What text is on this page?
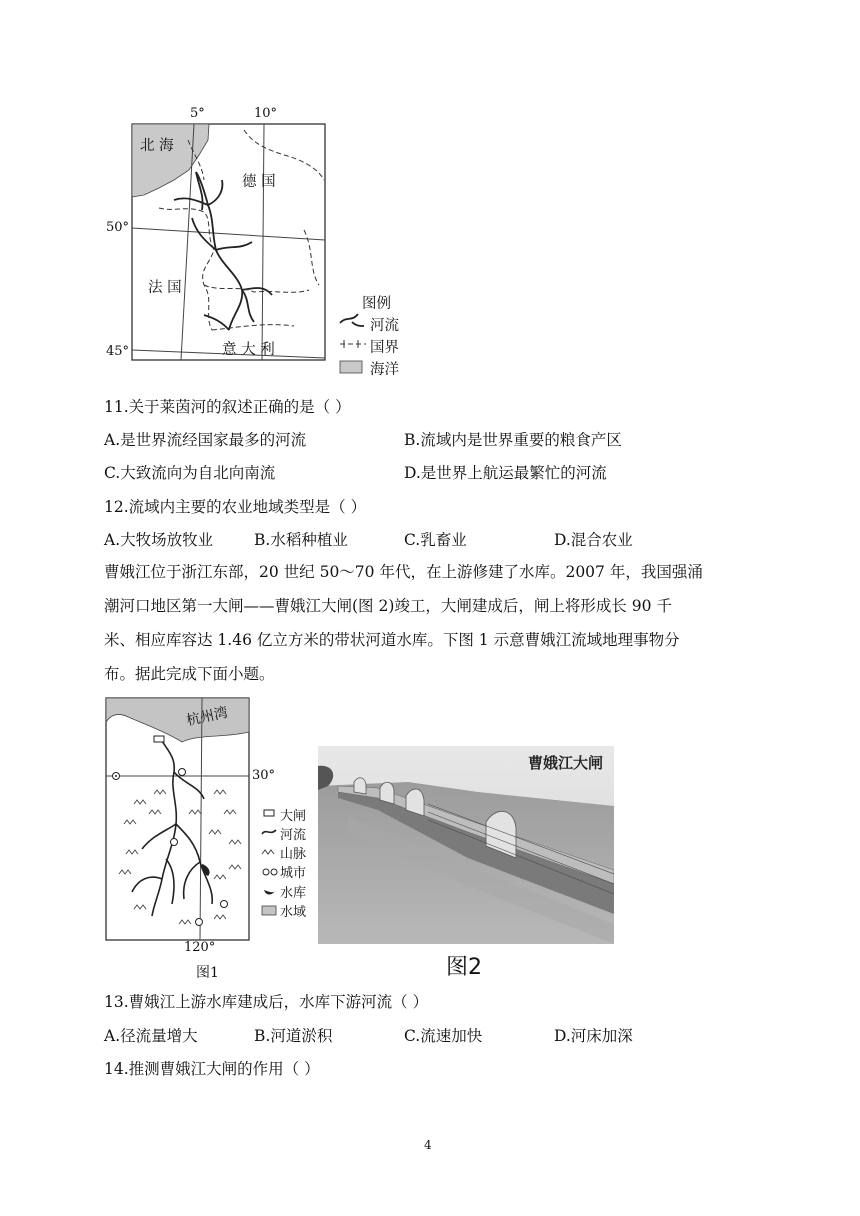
5°	10°
50°
45°
北 海
德 国
法 国
意 大 利
图例
河流
国界
海洋
11.关于莱茵河的叙述正确的是（ ）
A.是世界流经国家最多的河流	B.流域内是世界重要的粮食产区
C.大致流向为自北向南流	D.是世界上航运最繁忙的河流
12.流域内主要的农业地域类型是（ ）
A.大牧场放牧业	B.水稻种植业	C.乳畜业	D.混合农业
曹娥江位于浙江东部，20 世纪 50～70 年代，在上游修建了水库。2007 年，我国强涌
潮河口地区第一大闸——曹娥江大闸(图 2)竣工，大闸建成后，闸上将形成长 90 千
米、相应库容达 1.46 亿立方米的带状河道水库。下图 1 示意曹娥江流域地理事物分
布。据此完成下面小题。
杭州湾
30°
120°
图1
大闸
河流
山脉
城市
水库
水域
曹娥江大闸
图2
13.曹娥江上游水库建成后，水库下游河流（ ）
A.径流量增大	B.河道淤积	C.流速加快	D.河床加深
14.推测曹娥江大闸的作用（ ）
4
